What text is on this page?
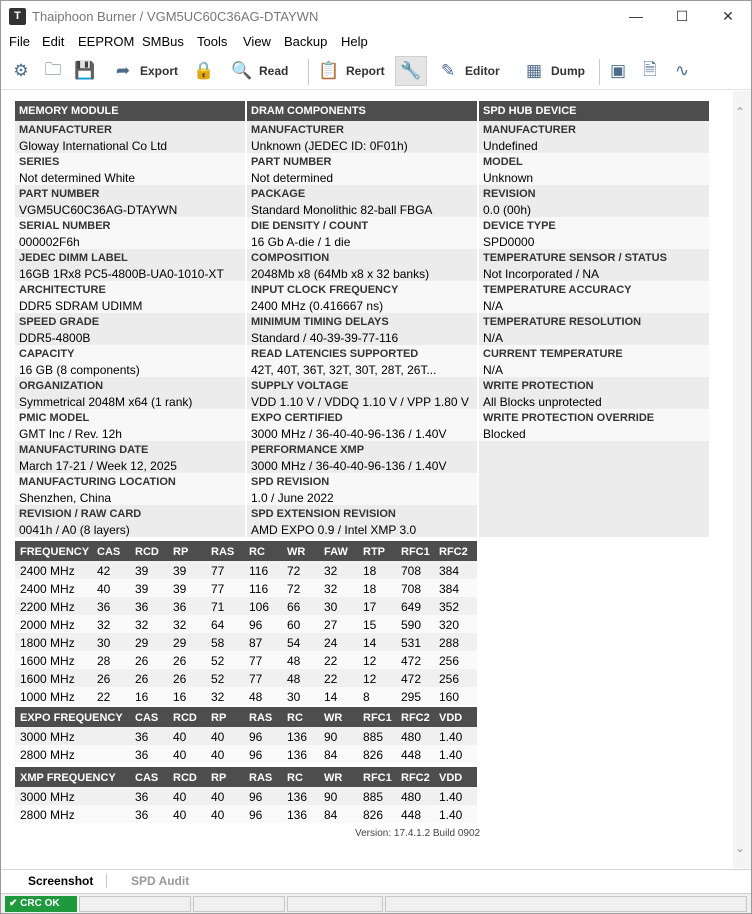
T Thaiphoon Burner / VGM5UC60C36AG-DTAYWN	—	☐	✕
File Edit EEPROM SMBus Tools View Backup Help
⚙ 🗀 💾 ➦ Export 🔒 🔍 Read 📋 Report 🔧 ✎ Editor ▦ Dump ▣ 🗎 ∿
MEMORY MODULE
MANUFACTURER
Gloway International Co Ltd
SERIES
Not determined White
PART NUMBER
VGM5UC60C36AG-DTAYWN
SERIAL NUMBER
000002F6h
JEDEC DIMM LABEL
16GB 1Rx8 PC5-4800B-UA0-1010-XT
ARCHITECTURE
DDR5 SDRAM UDIMM
SPEED GRADE
DDR5-4800B
CAPACITY
16 GB (8 components)
ORGANIZATION
Symmetrical 2048M x64 (1 rank)
PMIC MODEL
GMT Inc / Rev. 12h
MANUFACTURING DATE
March 17-21 / Week 12, 2025
MANUFACTURING LOCATION
Shenzhen, China
REVISION / RAW CARD
0041h / A0 (8 layers)
DRAM COMPONENTS
MANUFACTURER
Unknown (JEDEC ID: 0F01h)
PART NUMBER
Not determined
PACKAGE
Standard Monolithic 82-ball FBGA
DIE DENSITY / COUNT
16 Gb A-die / 1 die
COMPOSITION
2048Mb x8 (64Mb x8 x 32 banks)
INPUT CLOCK FREQUENCY
2400 MHz (0.416667 ns)
MINIMUM TIMING DELAYS
Standard / 40-39-39-77-116
READ LATENCIES SUPPORTED
42T, 40T, 36T, 32T, 30T, 28T, 26T...
SUPPLY VOLTAGE
VDD 1.10 V / VDDQ 1.10 V / VPP 1.80 V
EXPO CERTIFIED
3000 MHz / 36-40-40-96-136 / 1.40V
PERFORMANCE XMP
3000 MHz / 36-40-40-96-136 / 1.40V
SPD REVISION
1.0 / June 2022
SPD EXTENSION REVISION
AMD EXPO 0.9 / Intel XMP 3.0
SPD HUB DEVICE
MANUFACTURER
Undefined
MODEL
Unknown
REVISION
0.0 (00h)
DEVICE TYPE
SPD0000
TEMPERATURE SENSOR / STATUS
Not Incorporated / NA
TEMPERATURE ACCURACY
N/A
TEMPERATURE RESOLUTION
N/A
CURRENT TEMPERATURE
N/A
WRITE PROTECTION
All Blocks unprotected
WRITE PROTECTION OVERRIDE
Blocked
FREQUENCY CAS RCD RP RAS RC WR FAW RTP RFC1 RFC2
2400 MHz 42 39 39 77 116 72 32 18 708 384
2400 MHz 40 39 39 77 116 72 32 18 708 384
2200 MHz 36 36 36 71 106 66 30 17 649 352
2000 MHz 32 32 32 64 96 60 27 15 590 320
1800 MHz 30 29 29 58 87 54 24 14 531 288
1600 MHz 28 26 26 52 77 48 22 12 472 256
1600 MHz 26 26 26 52 77 48 22 12 472 256
1000 MHz 22 16 16 32 48 30 14 8	295 160
EXPO FREQUENCY CAS RCD RP RAS RC WR RFC1 RFC2 VDD
3000 MHz	36 40 40 96 136 90 885 480 1.40
2800 MHz	36 40 40 96 136 84 826 448 1.40
XMP FREQUENCY CAS RCD RP RAS RC WR RFC1 RFC2 VDD
3000 MHz	36 40 40 96 136 90 885 480 1.40
2800 MHz	36 40 40 96 136 84 826 448 1.40
Version: 17.4.1.2 Build 0902
⌃
⌄
Screenshot	SPD Audit
✔ CRC OK
